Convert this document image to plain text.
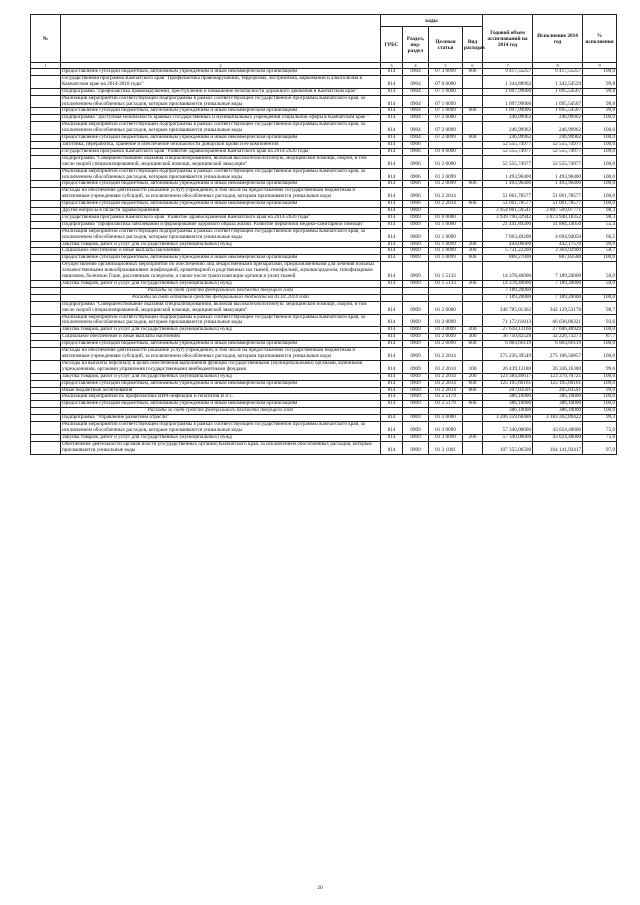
№		коды				Годовой объем ассигнований на 2014 год	Исполнение 2014 год	% исполнения
		ГРБС	Раздел, под-раздел	Целевая статья	Вид расходов			
1	2	3	4	5	6	7	8	9
	Предоставление субсидий бюджетным, автономным учреждениям и иным некоммерческим организациям	814	0904	07 3 0099	600	9 417,55257	9 417,55257	100,0
	Государственная программа Камчатского края "Профилактика правонарушений, терроризма, экстремизма, наркомании и алкоголизма в Камчатском крае на 2014-2018 годы"	814	0904	07 0 0000		1 344,88962	1 342,54529	99,8
	Подпрограмма "Профилактика правонарушений, преступлений и повышение безопасности дорожного движения в Камчатском крае"	814	0904	07 1 0000		1 097,99000	1 095,54567	99,8
	Реализация мероприятий соответствующей подпрограммы в рамках соответствующей государственной программы Камчатского края, за исключением обособленных расходов, которым присваиваются уникальные коды	814	0904	07 1 0099		1 097,99000	1 095,54567	99,8
	Предоставление субсидий бюджетным, автономным учреждениям и иным некоммерческим организациям	814	0904	07 1 0099	600	1 097,99000	1 095,54567	99,8
	Подпрограмма "Доступная безопасность краевых государственных и муниципальных учреждений социальной сферы в Камчатском крае "	814	0904	07 2 0000		246,99962	246,99962	100,0
	Реализация мероприятий соответствующей подпрограммы в рамках соответствующей государственной программы Камчатского края, за исключением обособленных расходов, которым присваиваются уникальные коды	814	0904	07 2 0099		246,99962	246,99962	100,0
	Предоставление субсидий бюджетным, автономным учреждениям и иным некоммерческим организациям	814	0904	07 2 0099	600	246,99962	246,99962	100,0
	Заготовка, переработка, хранение и обеспечение безопасности донорской крови и ее компонентов	814	0906			52 555,74977	52 555,74977	100,0
	Государственная программа Камчатского края "Развитие здравоохранения Камчатского края на 2014-2020 годы"	814	0906	01 0 0000		52 555,74977	52 555,74977	100,0
	Подпрограмма "Совершенствование оказания специализированной, включая высокотехнологичную, медицинской помощи, скорой, в том числе скорой специализированной, медицинской помощи, медицинской эвакуации"	814	0906	01 2 0000		52 555,74977	52 555,74977	100,0
	Реализация мероприятий соответствующей подпрограммы в рамках соответствующей государственной программы Камчатского края, за исключением обособленных расходов, которым присваиваются уникальные коды	814	0906	01 2 0099		1 493,96400	1 493,96400	100,0
	Предоставление субсидий бюджетным, автономным учреждениям и иным некоммерческим организациям	814	0906	01 2 0099	600	1 493,96400	1 493,96400	100,0
	Расходы на обеспечение деятельности (оказание услуг) учреждений, в том числе на предоставление государственным бюджетным и автономным учреждениям субсидий, за исключением обособленных расходов, которым присваиваются уникальные коды	814	0906	01 2 2014		51 061,78577	51 061,78577	100,0
	Предоставление субсидий бюджетным, автономным учреждениям и иным некоммерческим организациям	814	0906	01 2 2014	600	51 061,78577	51 061,78577	100,0
	Другие вопросы в области здравоохранения	814	0909			3 954 061,56541	3 887 569,07771	98,3
	Государственная программа Камчатского края "Развитие здравоохранения Камчатского края на 2014-2020 годы"	814	0909	01 0 0000		3 939 790,32942	3 873 948,18352	98,3
	Подпрограмма "Профилактика заболеваний и формирование здорового образа жизни. Развитие первичной медико-санитарной помощи"	814	0909	01 1 0000		21 441,89200	11 884,14050	55,4
	Реализация мероприятий соответствующей подпрограммы в рамках соответствующей государственной программы Камчатского края, за исключением обособленных расходов, которым присваиваются уникальные коды	814	0909	01 1 0099		7 063,49200	4 694,94050	66,5
	Закупка товаров, работ и услуг для государственных (муниципальных) нужд	814	0909	01 1 0099	200	444,00000	442,17570	99,6
	Социальное обеспечение и иные выплаты населению	814	0909	01 1 0099	300	5 731,22200	3 364,92900	58,7
	Предоставление субсидий бюджетным, автономным учреждениям и иным некоммерческим организациям	814	0909	01 1 0099	600	888,27000	887,83580	100,0
	Осуществление организационных мероприятий по обеспечению лиц лекарственными препаратами, предназначенными для лечения больных злокачественными новообразованиями лимфоидной, кроветворной и родственных им тканей, гемофилией, муковисцидозом, гипофизарным нанизмом, болезнью Гоше, рассеянным склерозом, а также после трансплантации органов и (или) тканей	814	0909	01 1 5133		14 378,40000	7 189,20000	50,0
	Закупка товаров, работ и услуг для государственных (муниципальных) нужд	814	0909	01 1 5133	200	14 378,40000	7 189,20000	50,0
	Расходы за счет средств федерального бюджета текущего года					7 189,20000		
	Расходы за счет остатков средств федерального бюджета на 01.01.2014 года					7 189,20000	7 189,20000	100,0
	Подпрограмма "Совершенствование оказания специализированной, включая высокотехнологичную, медицинской помощи, скорой, в том числе скорой специализированной, медицинской помощи, медицинской эвакуации"	814	0909	01 2 0000		346 785,01362	342 129,53178	98,7
	Реализация мероприятий соответствующей подпрограммы в рамках соответствующей государственной программы Камчатского края, за исключением обособленных расходов, которым присваиваются уникальные коды	814	0909	01 2 0099		71 172,61813	66 636,86321	93,6
	Закупка товаров, работ и услуг для государственных (муниципальных) нужд	814	0909	01 2 0099	200	27 618,13166	27 606,46929	100,0
	Социальное обеспечение и иные выплаты населению	814	0909	01 2 0099	300	36 750,82528	32 226,73273	87,7
	Предоставление субсидий бюджетным, автономным учреждениям и иным некоммерческим организациям	814	0909	01 2 0099	600	6 803,66119	6 803,66119	100,0
	Расходы на обеспечение деятельности (оказание услуг) учреждений, в том числе на предоставление государственным бюджетным и автономным учреждениям субсидий, за исключением обособленных расходов, которым присваиваются уникальные коды	814	0909	01 2 2014		275 226,39549	275 106,56857	100,0
	Расходы на выплаты персоналу в целях обеспечения выполнения функций государственными (муниципальными) органами, казенными учреждениями, органами управления государственными внебюджетными фондами	814	0909	01 2 2014	100	26 439,13180	26 326,16380	99,6
	Закупка товаров, работ и услуг для государственных (муниципальных) нужд	814	0909	01 2 2014	200	123 384,46617	123 379,70725	100,0
	Предоставление субсидий бюджетным, автономным учреждениям и иным некоммерческим организациям	814	0909	01 2 2014	600	125 195,66161	125 195,66161	100,0
	Иные бюджетные ассигнования	814	0909	01 2 2014	800	207,03591	205,03591	99,0
	Реализация мероприятий по профилактике ВИЧ-инфекции и гепатитов В и С	814	0909	01 2 5179		386,10000	386,10000	100,0
	Предоставление субсидий бюджетным, автономным учреждениям и иным некоммерческим организациям	814	0909	01 2 5179	600	386,10000	386,10000	100,0
	Расходы за счет средств федерального бюджета текущего года					386,10000	386,10000	100,0
	Подпрограмма "Управление развитием отрасли"	814	0909	01 3 0000		3 206 359,68486	3 183 202,89422	99,3
	Реализация мероприятий соответствующей подпрограммы в рамках соответствующей государственной программы Камчатского края, за исключением обособленных расходов, которым присваиваются уникальные коды	814	0909	01 3 0099		57 340,00000	43 024,48000	75,0
	Закупка товаров, работ и услуг для государственных (муниципальных) нужд	814	0909	01 3 0099	200	57 340,00000	43 024,48000	75,0
	Обеспечение деятельности органов власти (государственных органов) Камчатского края, за исключением обособленных расходов, которым присваиваются уникальные коды	814	0909	01 3 1001		107 355,06500	104 141,93417	97,0
20
